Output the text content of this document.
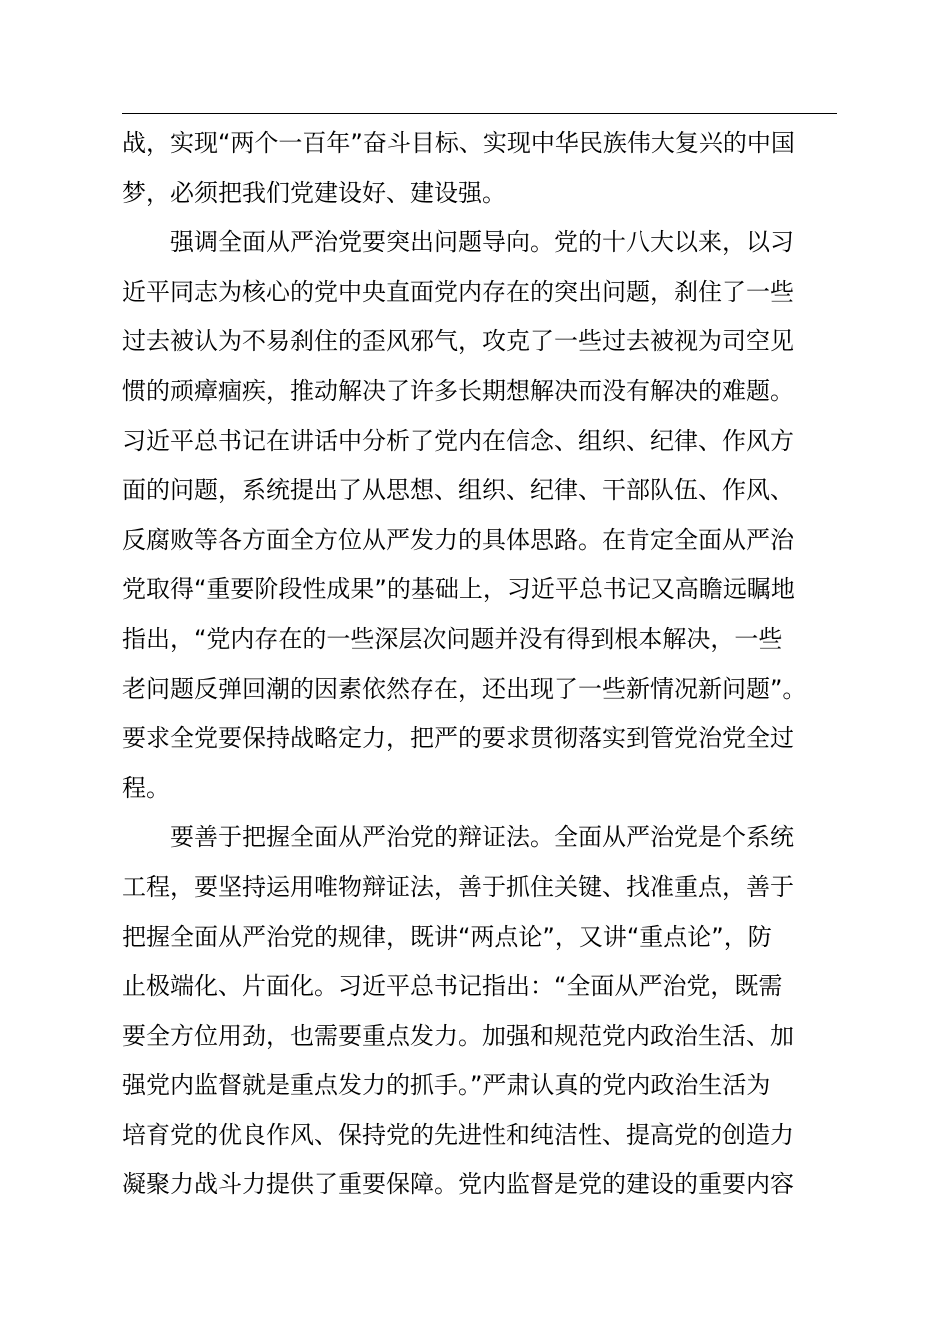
战，实现“两个一百年”奋斗目标、实现中华民族伟大复兴的中国

梦，必须把我们党建设好、建设强。

强调全面从严治党要突出问题导向。党的十八大以来，以习

近平同志为核心的党中央直面党内存在的突出问题，刹住了一些

过去被认为不易刹住的歪风邪气，攻克了一些过去被视为司空见

惯的顽瘴痼疾，推动解决了许多长期想解决而没有解决的难题。

习近平总书记在讲话中分析了党内在信念、组织、纪律、作风方

面的问题，系统提出了从思想、组织、纪律、干部队伍、作风、

反腐败等各方面全方位从严发力的具体思路。在肯定全面从严治

党取得“重要阶段性成果”的基础上，习近平总书记又高瞻远瞩地

指出，“党内存在的一些深层次问题并没有得到根本解决，一些

老问题反弹回潮的因素依然存在，还出现了一些新情况新问题”。

要求全党要保持战略定力，把严的要求贯彻落实到管党治党全过

程。

要善于把握全面从严治党的辩证法。全面从严治党是个系统

工程，要坚持运用唯物辩证法，善于抓住关键、找准重点，善于

把握全面从严治党的规律，既讲“两点论”，又讲“重点论”，防

止极端化、片面化。习近平总书记指出：“全面从严治党，既需

要全方位用劲，也需要重点发力。加强和规范党内政治生活、加

强党内监督就是重点发力的抓手。”严肃认真的党内政治生活为

培育党的优良作风、保持党的先进性和纯洁性、提高党的创造力

凝聚力战斗力提供了重要保障。党内监督是党的建设的重要内容
